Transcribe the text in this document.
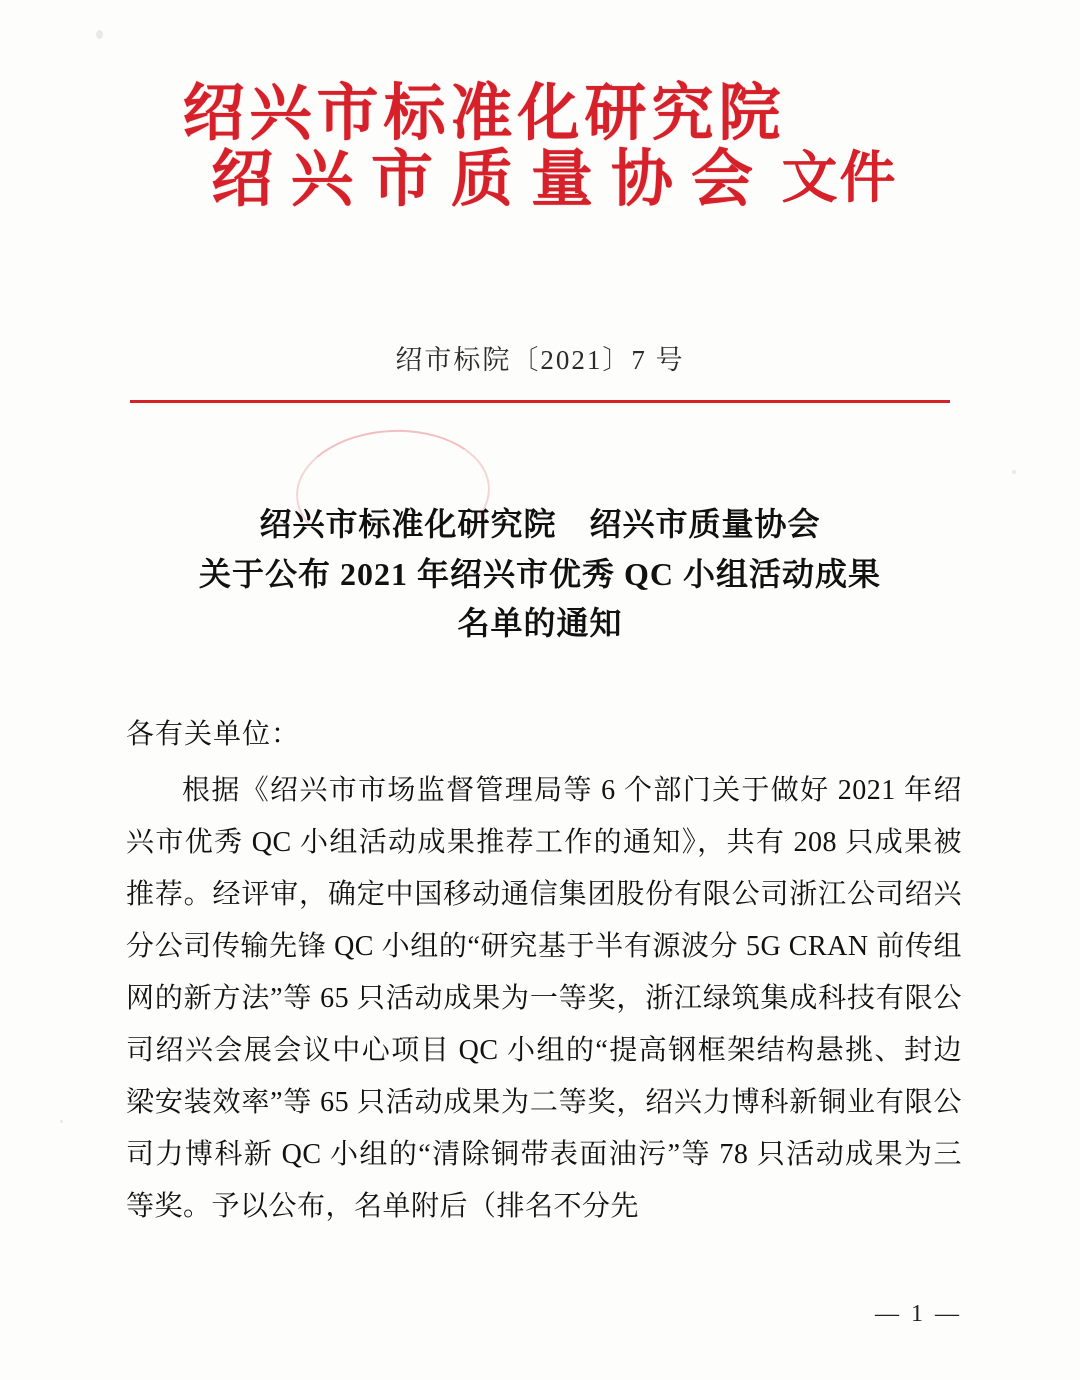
绍兴市标准化研究院
绍兴市质量协会 文件
绍市标院〔2021〕7 号
绍兴市标准化研究院　绍兴市质量协会
关于公布 2021 年绍兴市优秀 QC 小组活动成果
名单的通知
各有关单位：

根据《绍兴市市场监督管理局等 6 个部门关于做好 2021 年绍兴市优秀 QC 小组活动成果推荐工作的通知》，共有 208 只成果被推荐。经评审，确定中国移动通信集团股份有限公司浙江公司绍兴分公司传输先锋 QC 小组的“研究基于半有源波分 5G CRAN 前传组网的新方法”等 65 只活动成果为一等奖，浙江绿筑集成科技有限公司绍兴会展会议中心项目 QC 小组的“提高钢框架结构悬挑、封边梁安装效率”等 65 只活动成果为二等奖，绍兴力博科新铜业有限公司力博科新 QC 小组的“清除铜带表面油污”等 78 只活动成果为三等奖。予以公布，名单附后（排名不分先

— 1 —
